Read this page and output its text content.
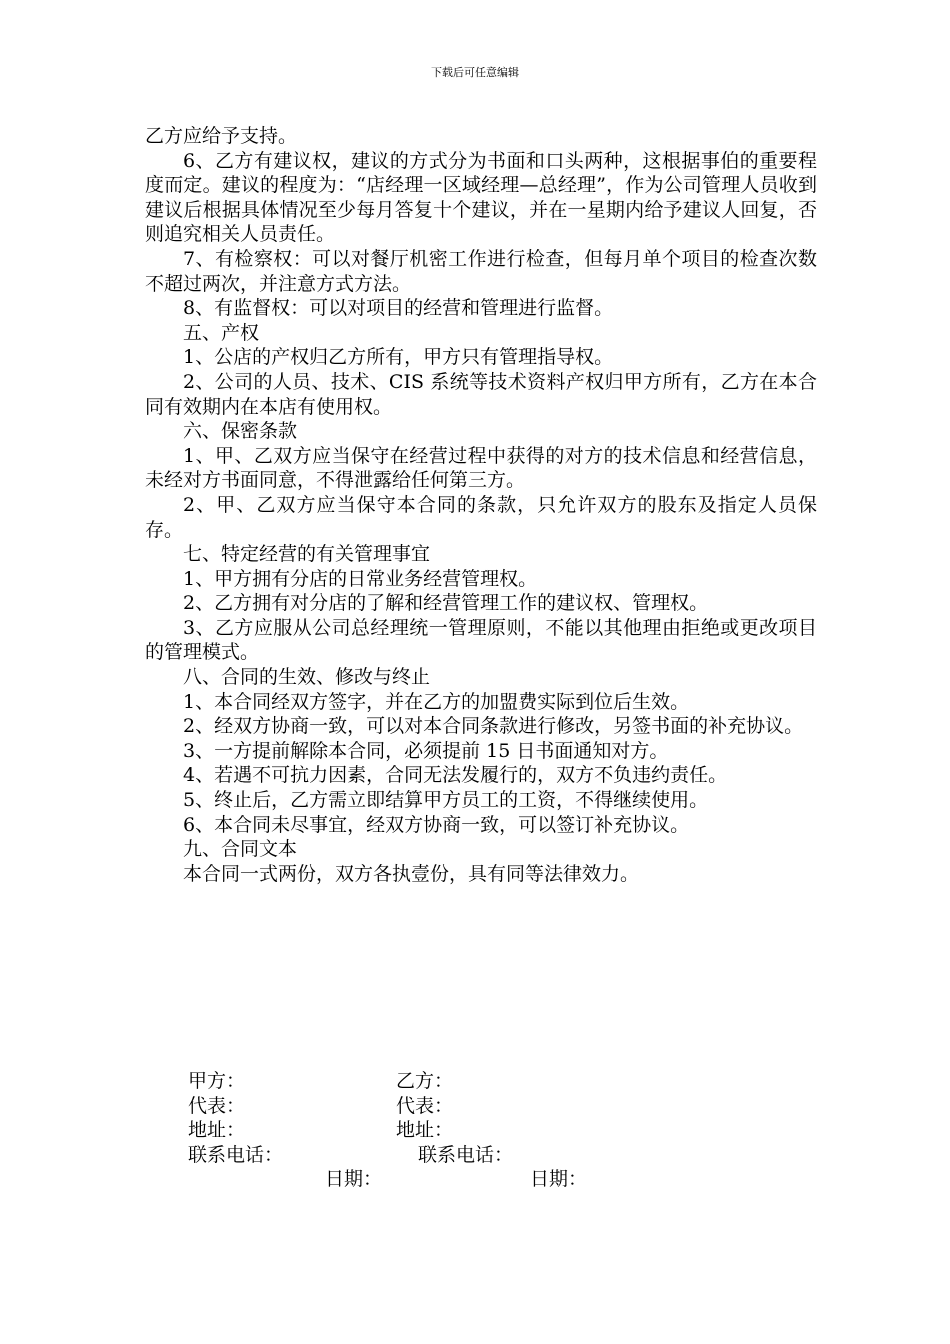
下载后可任意编辑

乙方应给予支持。

6、乙方有建议权，建议的方式分为书面和口头两种，这根据事伯的重要程度而定。建议的程度为：“店经理一区域经理—总经理”，作为公司管理人员收到建议后根据具体情况至少每月答复十个建议，并在一星期内给予建议人回复，否则追究相关人员责任。

7、有检察权：可以对餐厅机密工作进行检查，但每月单个项目的检查次数不超过两次，并注意方式方法。

8、有监督权：可以对项目的经营和管理进行监督。

五、产权

1、公店的产权归乙方所有，甲方只有管理指导权。

2、公司的人员、技术、CIS 系统等技术资料产权归甲方所有，乙方在本合同有效期内在本店有使用权。

六、保密条款

1、甲、乙双方应当保守在经营过程中获得的对方的技术信息和经营信息，未经对方书面同意，不得泄露给任何第三方。

2、甲、乙双方应当保守本合同的条款，只允许双方的股东及指定人员保存。

七、特定经营的有关管理事宜

1、甲方拥有分店的日常业务经营管理权。

2、乙方拥有对分店的了解和经营管理工作的建议权、管理权。

3、乙方应服从公司总经理统一管理原则，不能以其他理由拒绝或更改项目的管理模式。

八、合同的生效、修改与终止

1、本合同经双方签字，并在乙方的加盟费实际到位后生效。

2、经双方协商一致，可以对本合同条款进行修改，另签书面的补充协议。

3、一方提前解除本合同，必须提前 15 日书面通知对方。

4、若遇不可抗力因素，合同无法发履行的，双方不负违约责任。

5、终止后，乙方需立即结算甲方员工的工资，不得继续使用。

6、本合同未尽事宜，经双方协商一致，可以签订补充协议。

九、合同文本

本合同一式两份，双方各执壹份，具有同等法律效力。

甲方：	乙方：
代表：	代表：
地址：	地址：
联系电话：	联系电话：
日期：	日期：
